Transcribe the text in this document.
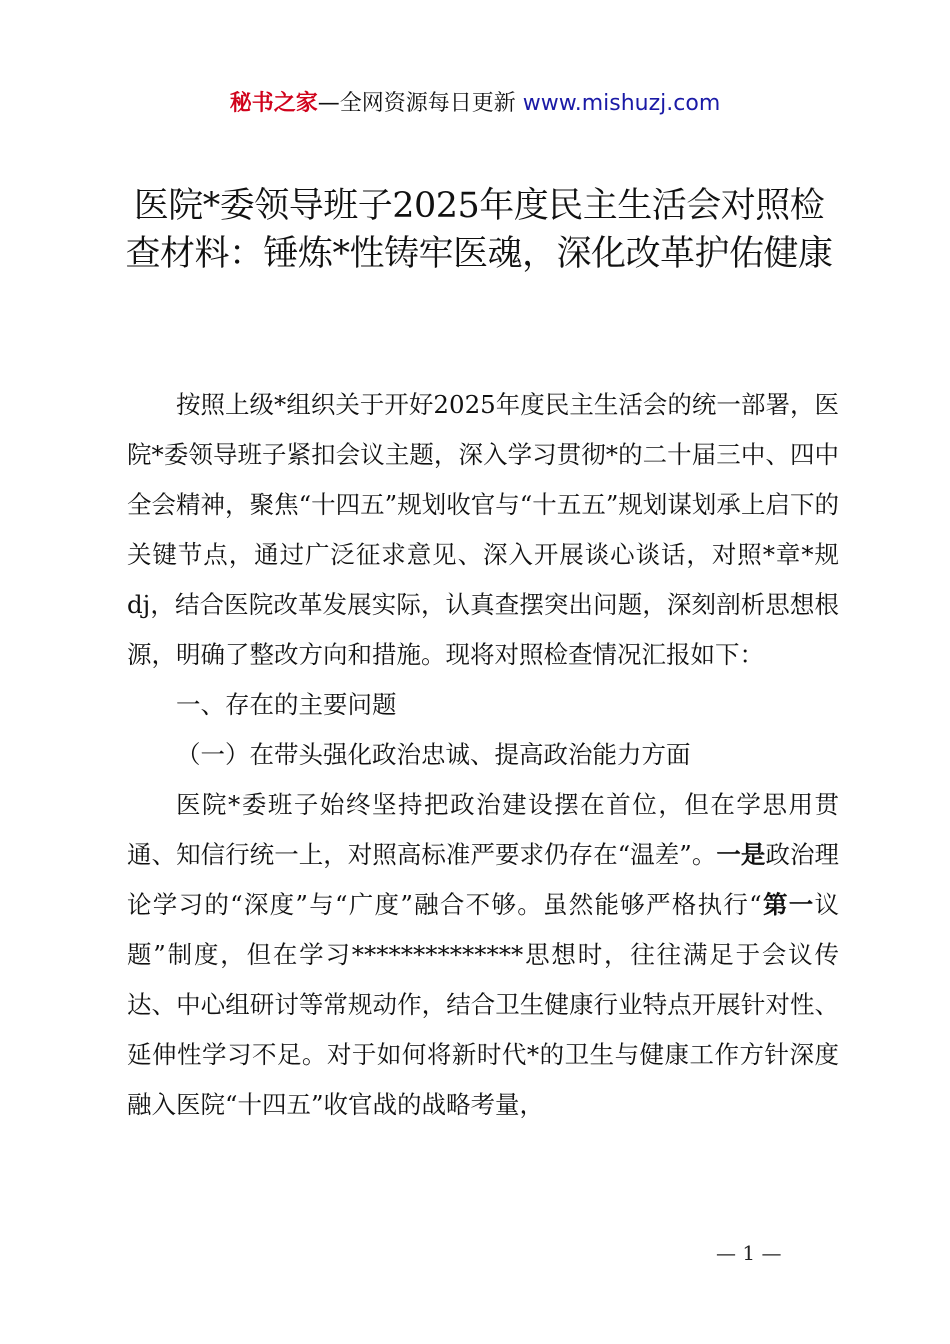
秘书之家—全网资源每日更新 www.mishuzj.com
医院*委领导班子2025年度民主生活会对照检查材料：锤炼*性铸牢医魂，深化改革护佑健康

按照上级*组织关于开好2025年度民主生活会的统一部署，医院*委领导班子紧扣会议主题，深入学习贯彻*的二十届三中、四中全会精神，聚焦“十四五”规划收官与“十五五”规划谋划承上启下的关键节点，通过广泛征求意见、深入开展谈心谈话，对照*章*规dj，结合医院改革发展实际，认真查摆突出问题，深刻剖析思想根源，明确了整改方向和措施。现将对照检查情况汇报如下：

一、存在的主要问题

（一）在带头强化政治忠诚、提高政治能力方面

医院*委班子始终坚持把政治建设摆在首位，但在学思用贯通、知信行统一上，对照高标准严要求仍存在“温差”。一是政治理论学习的“深度”与“广度”融合不够。虽然能够严格执行“第一议题”制度，但在学习**************思想时，往往满足于会议传达、中心组研讨等常规动作，结合卫生健康行业特点开展针对性、延伸性学习不足。对于如何将新时代*的卫生与健康工作方针深度融入医院“十四五”收官战的战略考量，

— 1 —
